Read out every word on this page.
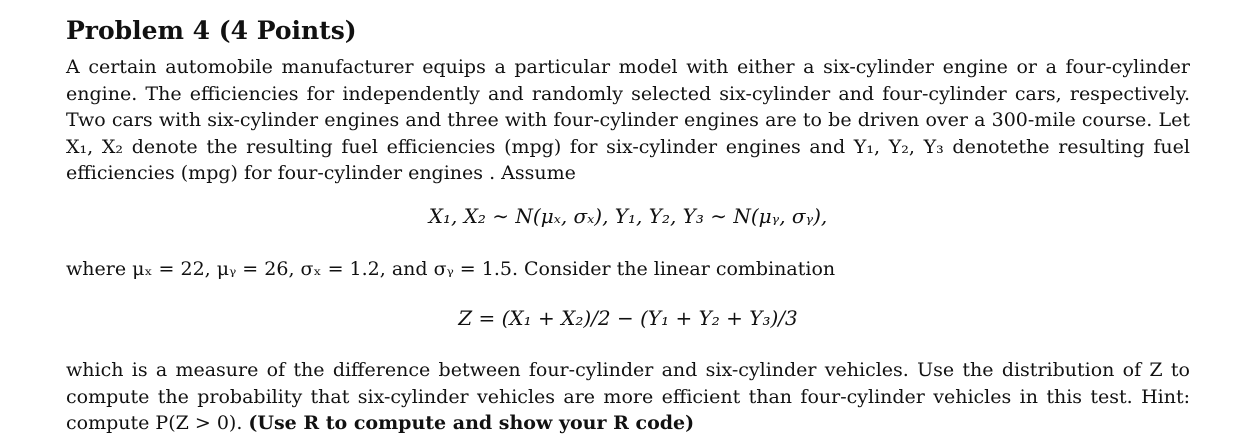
Problem 4 (4 Points)
A certain automobile manufacturer equips a particular model with either a six-cylinder engine or a four-cylinder engine. The efficiencies for independently and randomly selected six-cylinder and four-cylinder cars, respectively. Two cars with six-cylinder engines and three with four-cylinder engines are to be driven over a 300-mile course. Let X₁, X₂ denote the resulting fuel efficiencies (mpg) for six-cylinder engines and Y₁, Y₂, Y₃ denotethe resulting fuel efficiencies (mpg) for four-cylinder engines . Assume
X₁, X₂ ∼ N(μₓ, σₓ), Y₁, Y₂, Y₃ ∼ N(μᵧ, σᵧ),
where μₓ = 22, μᵧ = 26, σₓ = 1.2, and σᵧ = 1.5. Consider the linear combination
Z = (X₁ + X₂)/2 − (Y₁ + Y₂ + Y₃)/3
which is a measure of the difference between four-cylinder and six-cylinder vehicles. Use the distribution of Z to compute the probability that six-cylinder vehicles are more efficient than four-cylinder vehicles in this test. Hint: compute P(Z > 0). (Use R to compute and show your R code)
